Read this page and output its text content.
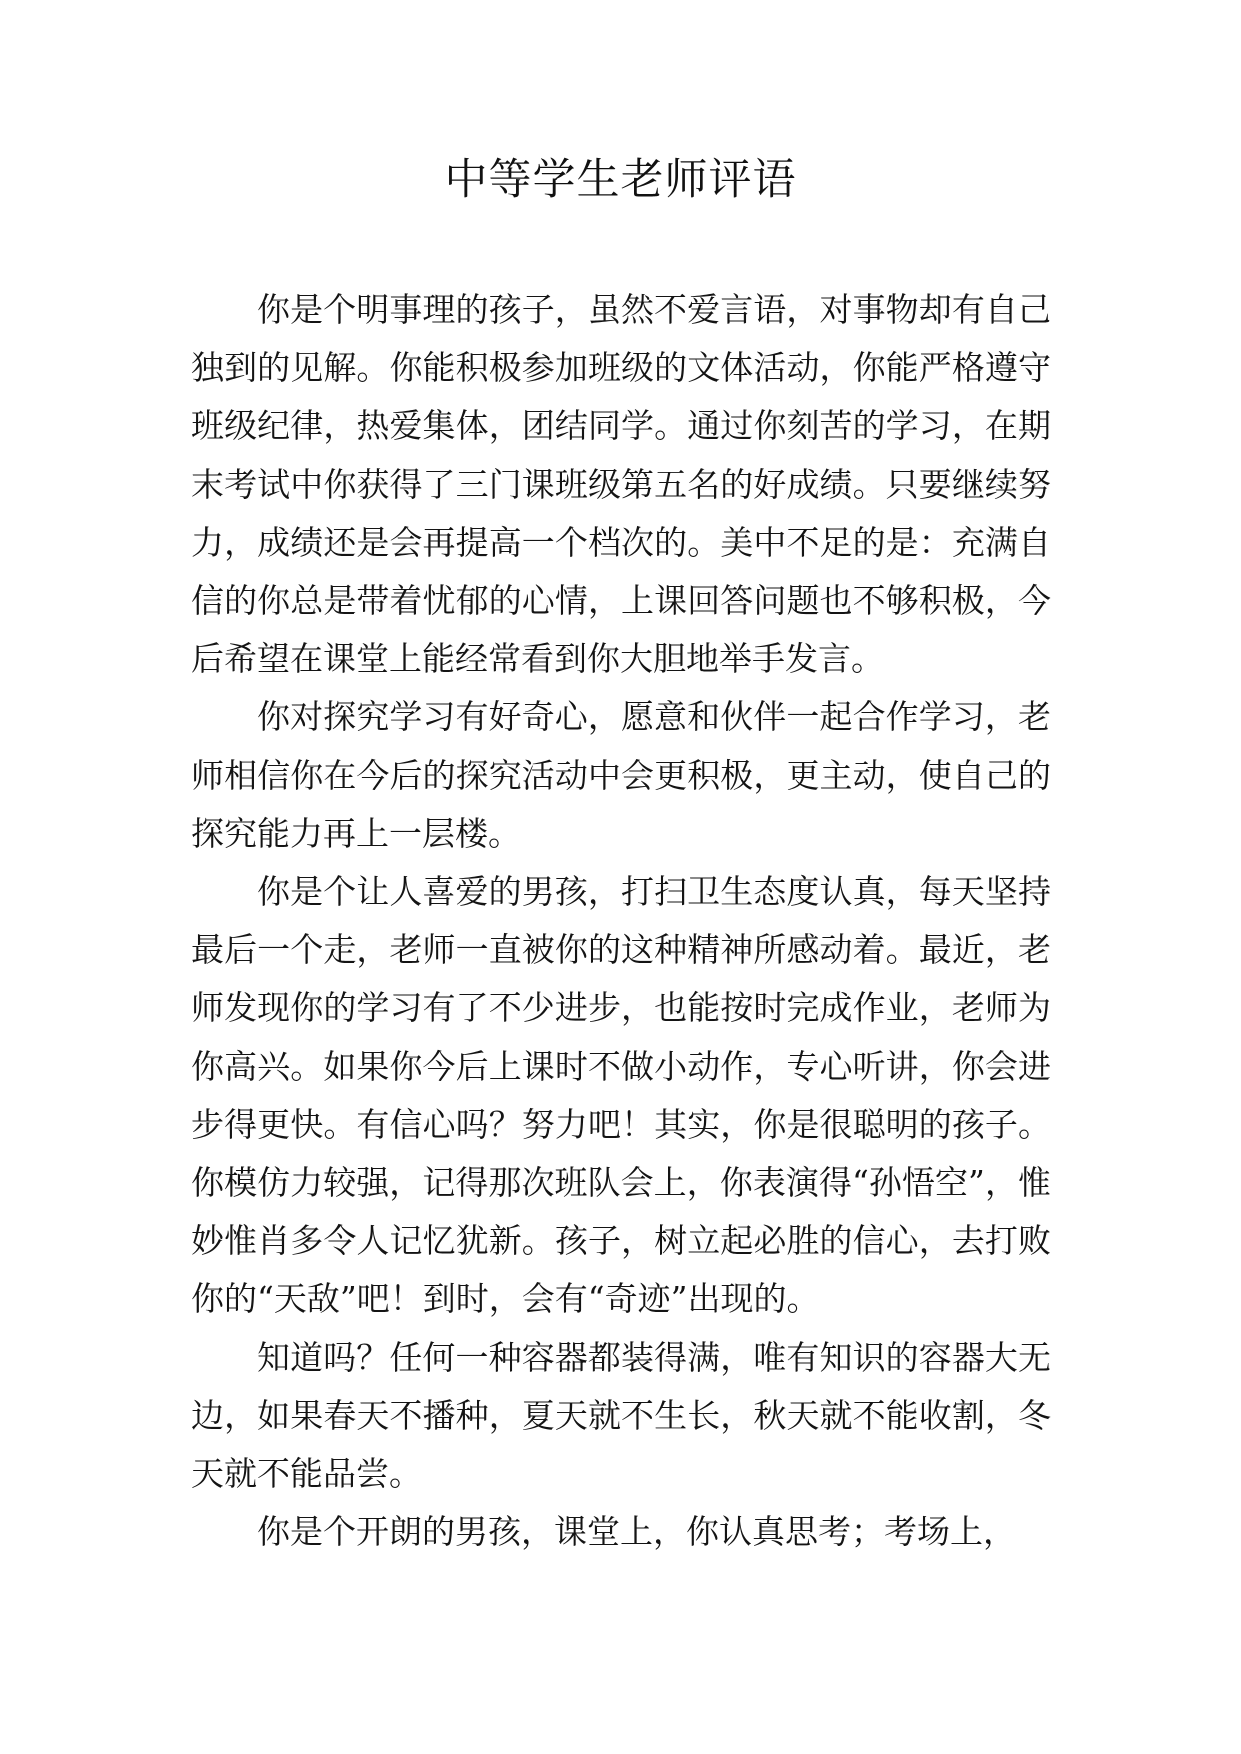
中等学生老师评语

你是个明事理的孩子，虽然不爱言语，对事物却有自己独到的见解。你能积极参加班级的文体活动，你能严格遵守班级纪律，热爱集体，团结同学。通过你刻苦的学习，在期末考试中你获得了三门课班级第五名的好成绩。只要继续努力，成绩还是会再提高一个档次的。美中不足的是：充满自信的你总是带着忧郁的心情，上课回答问题也不够积极，今后希望在课堂上能经常看到你大胆地举手发言。

你对探究学习有好奇心，愿意和伙伴一起合作学习，老师相信你在今后的探究活动中会更积极，更主动，使自己的探究能力再上一层楼。

你是个让人喜爱的男孩，打扫卫生态度认真，每天坚持最后一个走，老师一直被你的这种精神所感动着。最近，老师发现你的学习有了不少进步，也能按时完成作业，老师为你高兴。如果你今后上课时不做小动作，专心听讲，你会进步得更快。有信心吗？努力吧！其实，你是很聪明的孩子。你模仿力较强，记得那次班队会上，你表演得“孙悟空”，惟妙惟肖多令人记忆犹新。孩子，树立起必胜的信心，去打败你的“天敌”吧！到时，会有“奇迹”出现的。

知道吗？任何一种容器都装得满，唯有知识的容器大无边，如果春天不播种，夏天就不生长，秋天就不能收割，冬天就不能品尝。

你是个开朗的男孩，课堂上，你认真思考；考场上，
